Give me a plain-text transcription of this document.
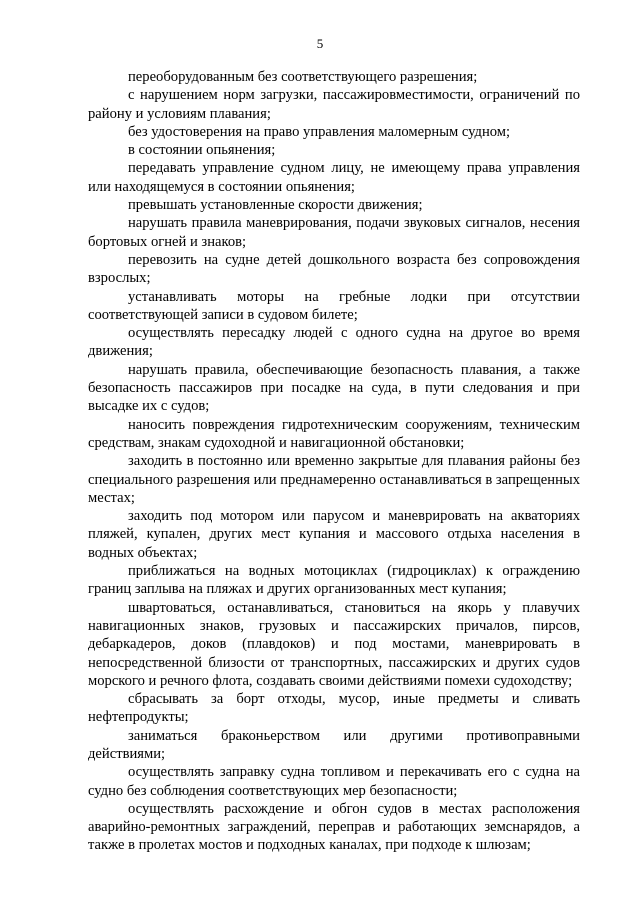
5

переоборудованным без соответствующего разрешения;

с нарушением норм загрузки, пассажировместимости, ограничений по району и условиям плавания;

без удостоверения на право управления маломерным судном;

в состоянии опьянения;

передавать управление судном лицу, не имеющему права управления или находящемуся в состоянии опьянения;

превышать установленные скорости движения;

нарушать правила маневрирования, подачи звуковых сигналов, несения бортовых огней и знаков;

перевозить на судне детей дошкольного возраста без сопровождения взрослых;

устанавливать моторы на гребные лодки при отсутствии соответствующей записи в судовом билете;

осуществлять пересадку людей с одного судна на другое во время движения;

нарушать правила, обеспечивающие безопасность плавания, а также безопасность пассажиров при посадке на суда, в пути следования и при высадке их с судов;

наносить повреждения гидротехническим сооружениям, техническим средствам, знакам судоходной и навигационной обстановки;

заходить в постоянно или временно закрытые для плавания районы без специального разрешения или преднамеренно останавливаться в запрещенных местах;

заходить под мотором или парусом и маневрировать на акваториях пляжей, купален, других мест купания и массового отдыха населения в водных объектах;

приближаться на водных мотоциклах (гидроциклах) к ограждению границ заплыва на пляжах и других организованных мест купания;

швартоваться, останавливаться, становиться на якорь у плавучих навигационных знаков, грузовых и пассажирских причалов, пирсов, дебаркадеров, доков (плавдоков) и под мостами, маневрировать в непосредственной близости от транспортных, пассажирских и других судов морского и речного флота, создавать своими действиями помехи судоходству;

сбрасывать за борт отходы, мусор, иные предметы и сливать нефтепродукты;

заниматься браконьерством или другими противоправными действиями;

осуществлять заправку судна топливом и перекачивать его с судна на судно без соблюдения соответствующих мер безопасности;

осуществлять расхождение и обгон судов в местах расположения аварийно-ремонтных заграждений, переправ и работающих земснарядов, а также в пролетах мостов и подходных каналах, при подходе к шлюзам;
